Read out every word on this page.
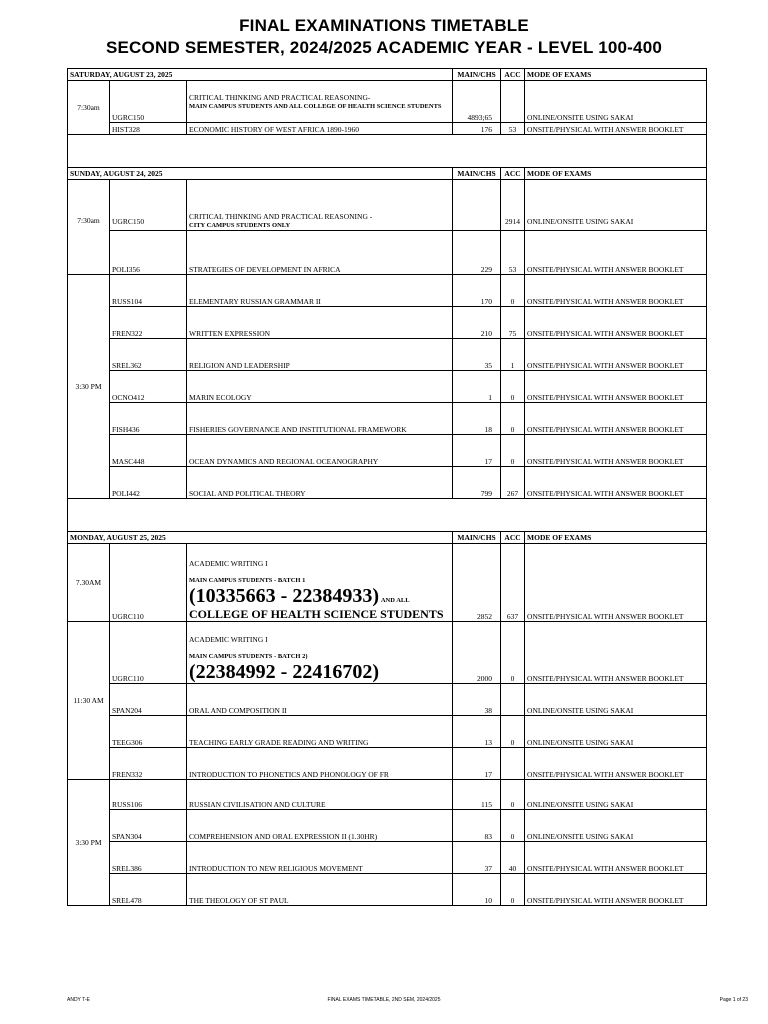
FINAL EXAMINATIONS TIMETABLE
SECOND SEMESTER, 2024/2025 ACADEMIC YEAR - LEVEL 100-400
SATURDAY, AUGUST 23, 2025			MAIN/CHS	ACC	MODE OF EXAMS
7:30am	UGRC150	CRITICAL THINKING AND PRACTICAL REASONING-
MAIN CAMPUS STUDENTS AND ALL COLLEGE OF HEALTH SCIENCE STUDENTS	4893;65		ONLINE/ONSITE USING SAKAI
	HIST328	ECONOMIC HISTORY OF WEST AFRICA 1890-1960	176	53	ONSITE/PHYSICAL WITH ANSWER BOOKLET

SUNDAY, AUGUST 24, 2025			MAIN/CHS	ACC	MODE OF EXAMS
7:30am	UGRC150	CRITICAL THINKING AND PRACTICAL REASONING -
CITY CAMPUS STUDENTS ONLY		2914	ONLINE/ONSITE USING SAKAI
	POLI356	STRATEGIES OF DEVELOPMENT IN AFRICA	229	53	ONSITE/PHYSICAL WITH ANSWER BOOKLET
3:30 PM	RUSS104	ELEMENTARY RUSSIAN GRAMMAR II	170	0	ONSITE/PHYSICAL WITH ANSWER BOOKLET
	FREN322	WRITTEN EXPRESSION	210	75	ONSITE/PHYSICAL WITH ANSWER BOOKLET
	SREL362	RELIGION AND LEADERSHIP	35	1	ONSITE/PHYSICAL WITH ANSWER BOOKLET
	OCNO412	MARIN ECOLOGY	1	0	ONSITE/PHYSICAL WITH ANSWER BOOKLET
	FISH436	FISHERIES GOVERNANCE AND INSTITUTIONAL FRAMEWORK	18	0	ONSITE/PHYSICAL WITH ANSWER BOOKLET
	MASC448	OCEAN DYNAMICS AND REGIONAL OCEANOGRAPHY	17	0	ONSITE/PHYSICAL WITH ANSWER BOOKLET
	POLI442	SOCIAL AND POLITICAL THEORY	799	267	ONSITE/PHYSICAL WITH ANSWER BOOKLET

MONDAY, AUGUST 25, 2025			MAIN/CHS	ACC	MODE OF EXAMS
7.30AM	UGRC110	ACADEMIC WRITING I
MAIN CAMPUS STUDENTS - BATCH 1
(10335663 - 22384933) AND ALL
COLLEGE OF HEALTH SCIENCE STUDENTS	2852	637	ONSITE/PHYSICAL WITH ANSWER BOOKLET
11:30 AM	UGRC110	ACADEMIC WRITING I
MAIN CAMPUS STUDENTS - BATCH 2)
(22384992 - 22416702)	2000	0	ONSITE/PHYSICAL WITH ANSWER BOOKLET
	SPAN204	ORAL AND COMPOSITION II	38		ONLINE/ONSITE USING SAKAI
	TEEG306	TEACHING EARLY GRADE READING AND WRITING	13	0	ONLINE/ONSITE USING SAKAI
	FREN332	INTRODUCTION TO PHONETICS AND PHONOLOGY OF FR	17		ONSITE/PHYSICAL WITH ANSWER BOOKLET
3:30 PM	RUSS106	RUSSIAN CIVILISATION AND CULTURE	115	0	ONLINE/ONSITE USING SAKAI
	SPAN304	COMPREHENSION AND ORAL EXPRESSION II (1.30HR)	83	0	ONLINE/ONSITE USING SAKAI
	SREL386	INTRODUCTION TO NEW RELIGIOUS MOVEMENT	37	40	ONSITE/PHYSICAL WITH ANSWER BOOKLET
	SREL478	THE THEOLOGY OF ST PAUL	10	0	ONSITE/PHYSICAL WITH ANSWER BOOKLET
ANDY T-E	FINAL EXAMS TIMETABLE, 2ND SEM, 2024/2025	Page 1 of 23
